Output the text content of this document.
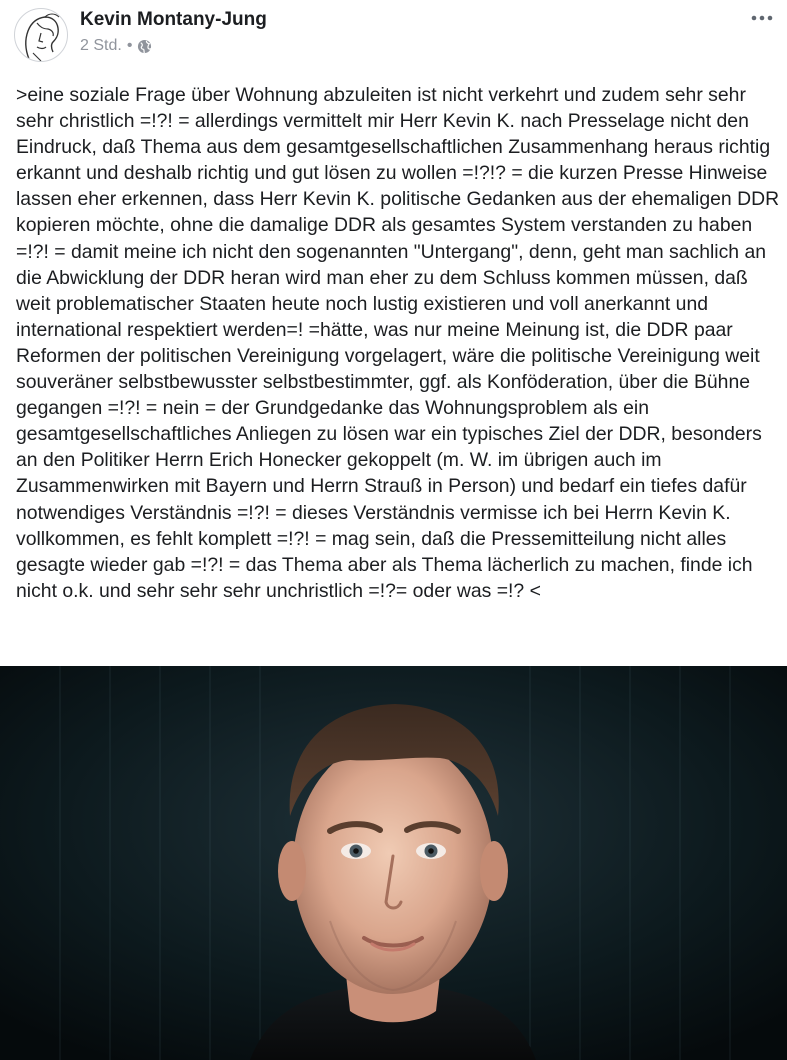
Kevin Montany-Jung
2 Std. •

>eine soziale Frage über Wohnung abzuleiten ist nicht verkehrt und zudem sehr sehr sehr christlich =!?! = allerdings vermittelt mir Herr Kevin K. nach Presselage nicht den Eindruck, daß Thema aus dem gesamtgesellschaftlichen Zusammenhang heraus richtig erkannt und deshalb richtig und gut lösen zu wollen =!?!? = die kurzen Presse Hinweise lassen eher erkennen, dass Herr Kevin K. politische Gedanken aus der ehemaligen DDR kopieren möchte, ohne die damalige DDR als gesamtes System verstanden zu haben =!?! = damit meine ich nicht den sogenannten "Untergang", denn, geht man sachlich an die Abwicklung der DDR heran wird man eher zu dem Schluss kommen müssen, daß weit problematischer Staaten heute noch lustig existieren und voll anerkannt und international respektiert werden=! =hätte, was nur meine Meinung ist, die DDR paar Reformen der politischen Vereinigung vorgelagert, wäre die politische Vereinigung weit souveräner selbstbewusster selbstbestimmter, ggf. als Konföderation, über die Bühne gegangen =!?! = nein = der Grundgedanke das Wohnungsproblem als ein gesamtgesellschaftliches Anliegen zu lösen war ein typisches Ziel der DDR, besonders an den Politiker Herrn Erich Honecker gekoppelt (m. W. im übrigen auch im Zusammenwirken mit Bayern und Herrn Strauß in Person) und bedarf ein tiefes dafür notwendiges Verständnis =!?! = dieses Verständnis vermisse ich bei Herrn Kevin K. vollkommen, es fehlt komplett =!?! = mag sein, daß die Pressemitteilung nicht alles gesagte wieder gab =!?! = das Thema aber als Thema lächerlich zu machen, finde ich nicht o.k. und sehr sehr sehr unchristlich =!?= oder was =!? <
